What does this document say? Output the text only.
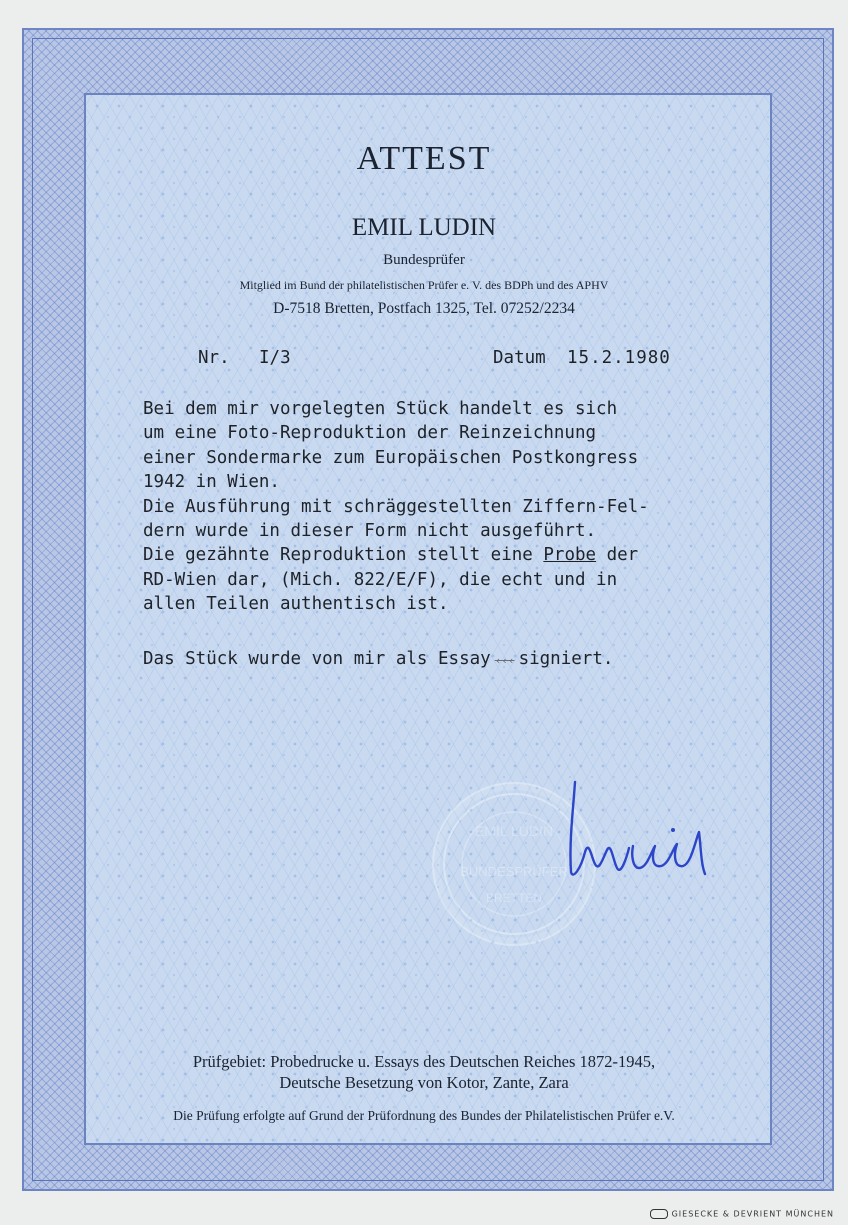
ATTEST
EMIL LUDIN
Bundesprüfer
Mitglied im Bund der philatelistischen Prüfer e. V. des BDPh und des APHV
D-7518 Bretten, Postfach 1325, Tel. 07252/2234
Nr. I/3	Datum 15.2.1980
Bei dem mir vorgelegten Stück handelt es sich
um eine Foto-Reproduktion der Reinzeichnung
einer Sondermarke zum Europäischen Postkongress
1942 in Wien.
Die Ausführung mit schräggestellten Ziffern-Fel-
dern wurde in dieser Form nicht ausgeführt.
Die gezähnte Reproduktion stellt eine Probe der
RD-Wien dar, (Mich. 822/E/F), die echt und in
allen Teilen authentisch ist.
Das Stück wurde von mir als Essay ‹‹‹ signiert.
EMIL LUDIN
BUNDESPRÜFER
BRETTEN
Prüfgebiet: Probedrucke u. Essays des Deutschen Reiches 1872-1945,
Deutsche Besetzung von Kotor, Zante, Zara
Die Prüfung erfolgte auf Grund der Prüfordnung des Bundes der Philatelistischen Prüfer e.V.
GIESECKE & DEVRIENT MÜNCHEN
